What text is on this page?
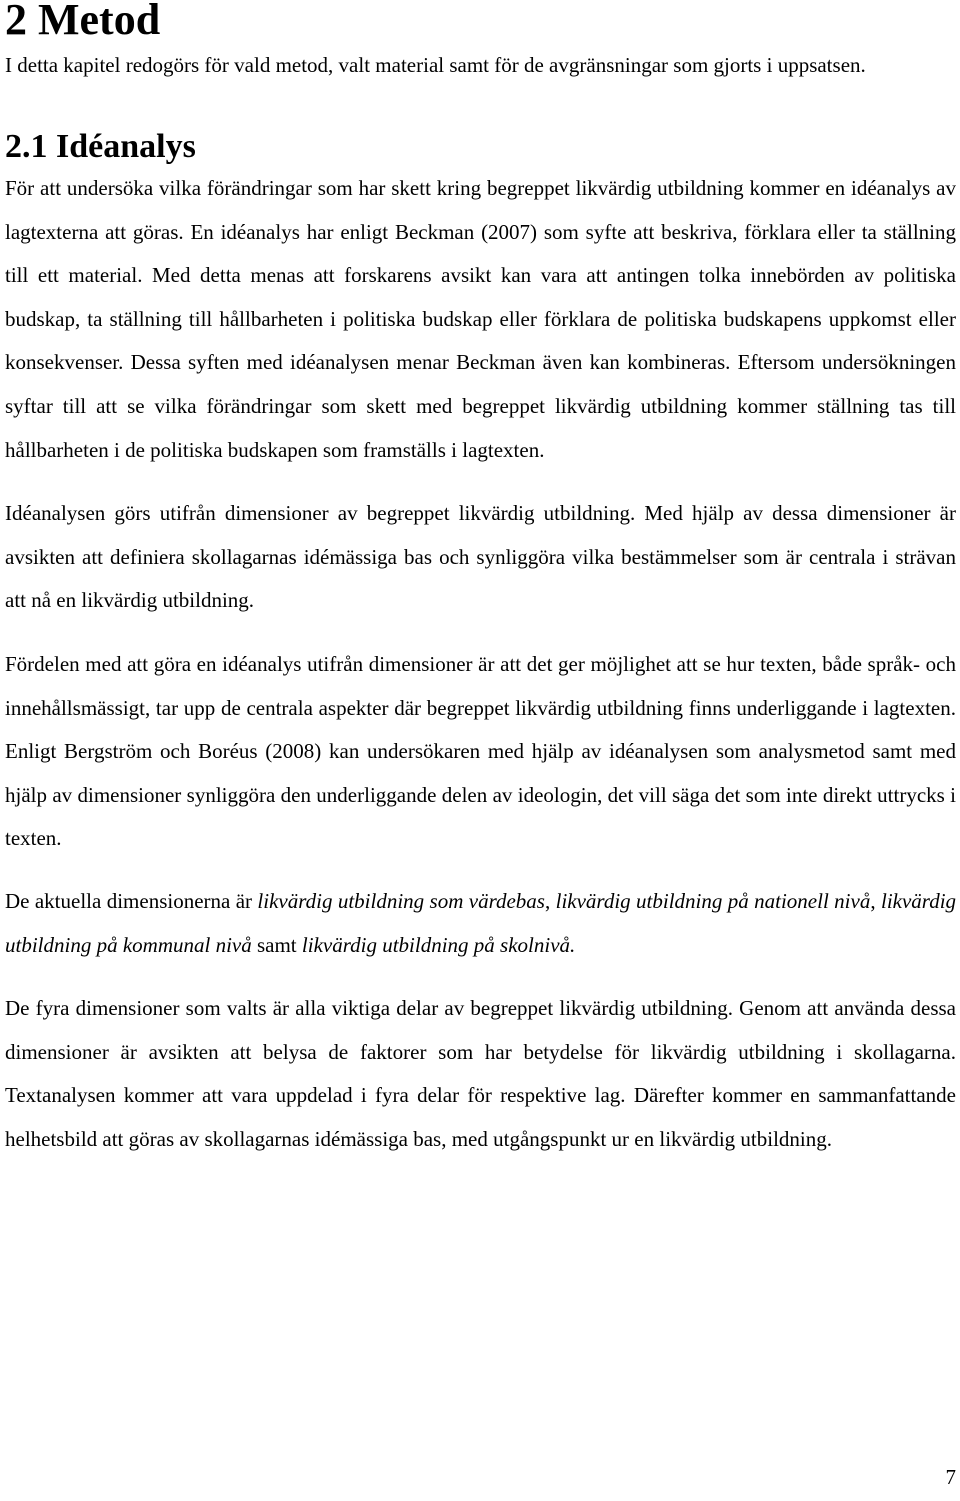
2 Metod

I detta kapitel redogörs för vald metod, valt material samt för de avgränsningar som gjorts i uppsatsen.

2.1 Idéanalys

För att undersöka vilka förändringar som har skett kring begreppet likvärdig utbildning kommer en idéanalys av lagtexterna att göras. En idéanalys har enligt Beckman (2007) som syfte att beskriva, förklara eller ta ställning till ett material. Med detta menas att forskarens avsikt kan vara att antingen tolka innebörden av politiska budskap, ta ställning till hållbarheten i politiska budskap eller förklara de politiska budskapens uppkomst eller konsekvenser. Dessa syften med idéanalysen menar Beckman även kan kombineras. Eftersom undersökningen syftar till att se vilka förändringar som skett med begreppet likvärdig utbildning kommer ställning tas till hållbarheten i de politiska budskapen som framställs i lagtexten.

Idéanalysen görs utifrån dimensioner av begreppet likvärdig utbildning. Med hjälp av dessa dimensioner är avsikten att definiera skollagarnas idémässiga bas och synliggöra vilka bestämmelser som är centrala i strävan att nå en likvärdig utbildning.

Fördelen med att göra en idéanalys utifrån dimensioner är att det ger möjlighet att se hur texten, både språk- och innehållsmässigt, tar upp de centrala aspekter där begreppet likvärdig utbildning finns underliggande i lagtexten. Enligt Bergström och Boréus (2008) kan undersökaren med hjälp av idéanalysen som analysmetod samt med hjälp av dimensioner synliggöra den underliggande delen av ideologin, det vill säga det som inte direkt uttrycks i texten.

De aktuella dimensionerna är likvärdig utbildning som värdebas, likvärdig utbildning på nationell nivå, likvärdig utbildning på kommunal nivå samt likvärdig utbildning på skolnivå.

De fyra dimensioner som valts är alla viktiga delar av begreppet likvärdig utbildning. Genom att använda dessa dimensioner är avsikten att belysa de faktorer som har betydelse för likvärdig utbildning i skollagarna. Textanalysen kommer att vara uppdelad i fyra delar för respektive lag. Därefter kommer en sammanfattande helhetsbild att göras av skollagarnas idémässiga bas, med utgångspunkt ur en likvärdig utbildning.

7
